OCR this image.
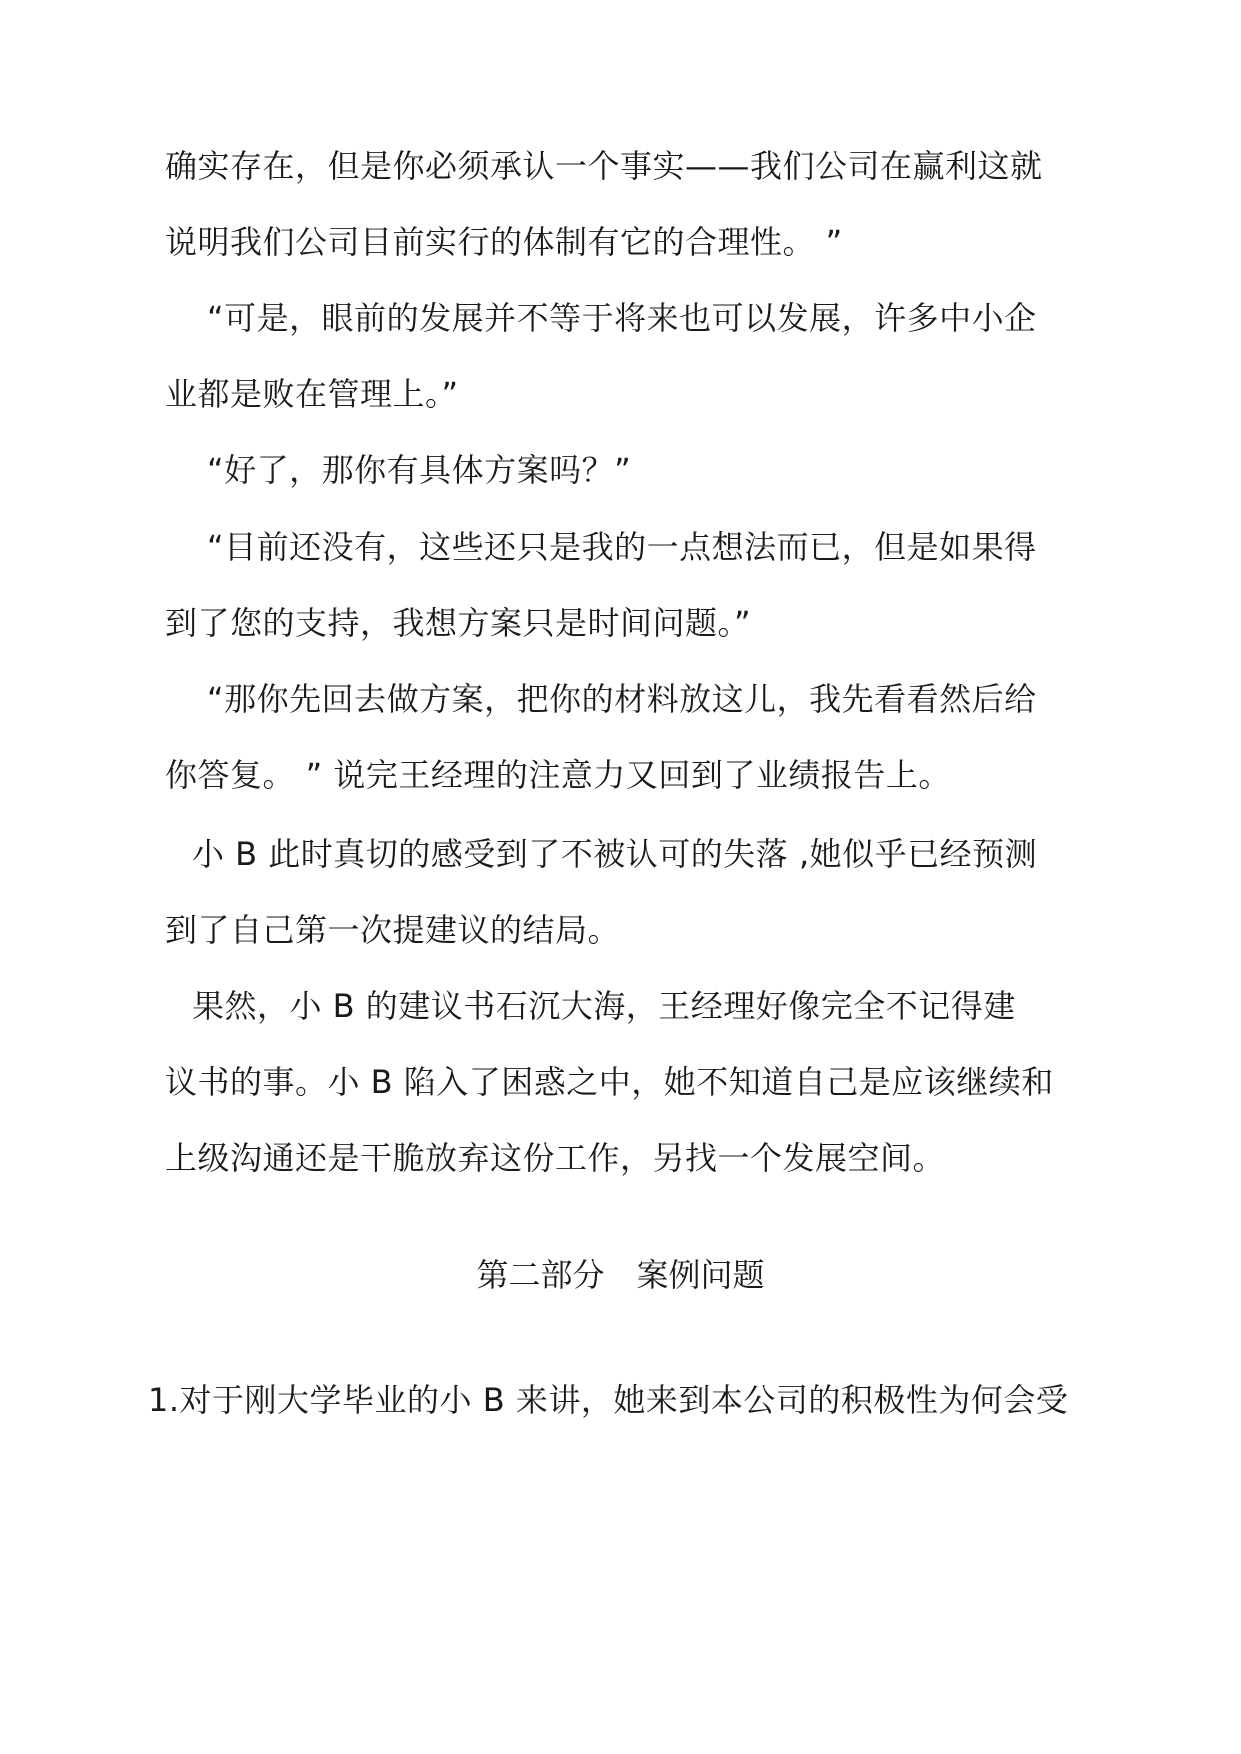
确实存在，但是你必须承认一个事实——我们公司在赢利这就
说明我们公司目前实行的体制有它的合理性。 ”
“可是，眼前的发展并不等于将来也可以发展，许多中小企
业都是败在管理上。”
“好了，那你有具体方案吗？”
“目前还没有，这些还只是我的一点想法而已，但是如果得
到了您的支持，我想方案只是时间问题。”
“那你先回去做方案，把你的材料放这儿，我先看看然后给
你答复。 ” 说完王经理的注意力又回到了业绩报告上。
小 B 此时真切的感受到了不被认可的失落 ,她似乎已经预测
到了自己第一次提建议的结局。
果然，小 B 的建议书石沉大海，王经理好像完全不记得建
议书的事。小 B 陷入了困惑之中，她不知道自己是应该继续和
上级沟通还是干脆放弃这份工作，另找一个发展空间。
第二部分　案例问题
1.对于刚大学毕业的小 B 来讲，她来到本公司的积极性为何会受
